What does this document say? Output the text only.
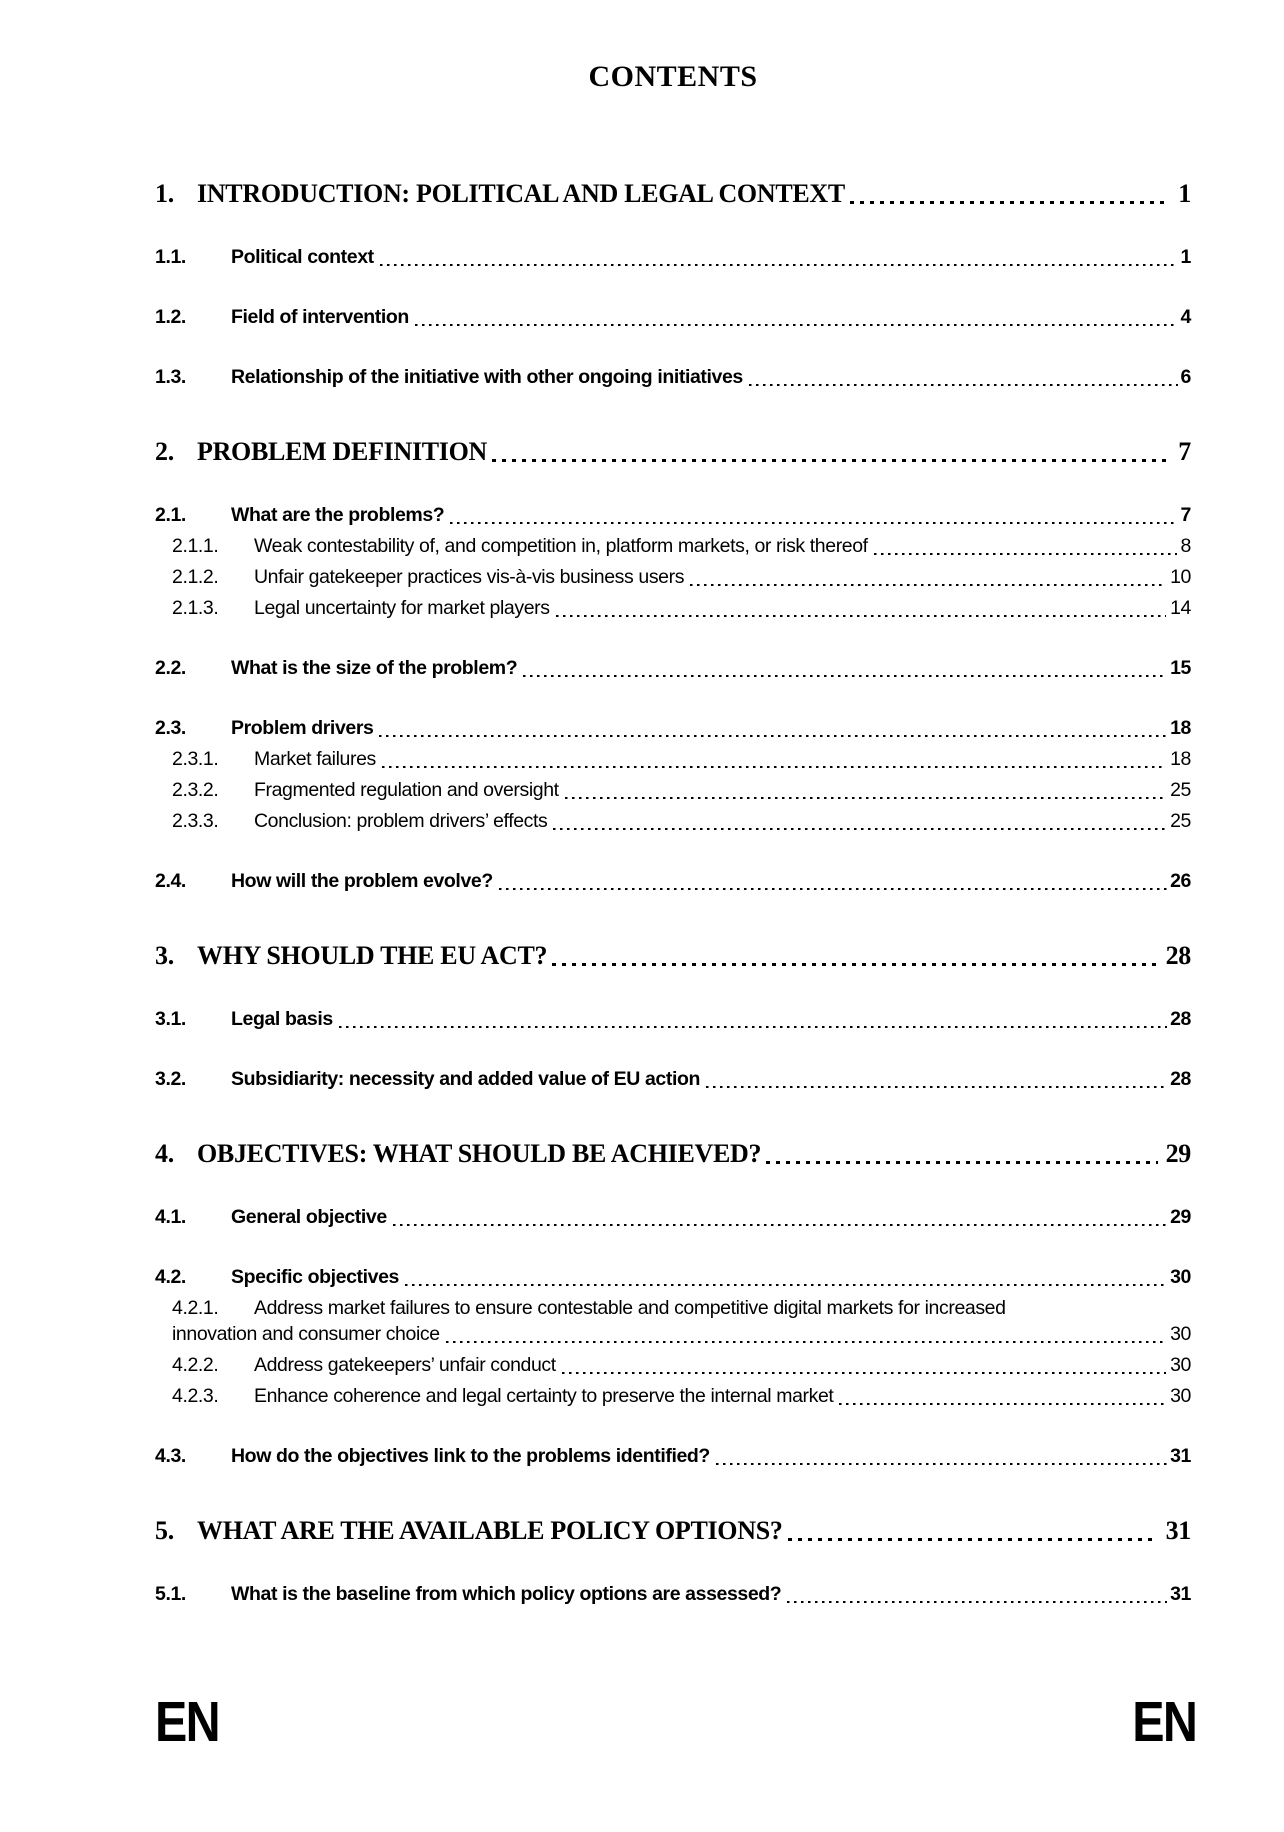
CONTENTS
1. INTRODUCTION: POLITICAL AND LEGAL CONTEXT	1
1.1.	Political context	1
1.2.	Field of intervention	4
1.3.	Relationship of the initiative with other ongoing initiatives	6
2. PROBLEM DEFINITION	7
2.1.	What are the problems?	7
2.1.1.	Weak contestability of, and competition in, platform markets, or risk thereof	8
2.1.2.	Unfair gatekeeper practices vis-à-vis business users	10
2.1.3.	Legal uncertainty for market players	14
2.2.	What is the size of the problem?	15
2.3.	Problem drivers	18
2.3.1.	Market failures	18
2.3.2.	Fragmented regulation and oversight	25
2.3.3.	Conclusion: problem drivers’ effects	25
2.4.	How will the problem evolve?	26
3. WHY SHOULD THE EU ACT?	28
3.1.	Legal basis	28
3.2.	Subsidiarity: necessity and added value of EU action	28
4. OBJECTIVES: WHAT SHOULD BE ACHIEVED?	29
4.1.	General objective	29
4.2.	Specific objectives	30
4.2.1.	Address market failures to ensure contestable and competitive digital markets for increased
innovation and consumer choice	30
4.2.2.	Address gatekeepers’ unfair conduct	30
4.2.3.	Enhance coherence and legal certainty to preserve the internal market	30
4.3.	How do the objectives link to the problems identified?	31
5. WHAT ARE THE AVAILABLE POLICY OPTIONS?	31
5.1.	What is the baseline from which policy options are assessed?	31
EN	EN
